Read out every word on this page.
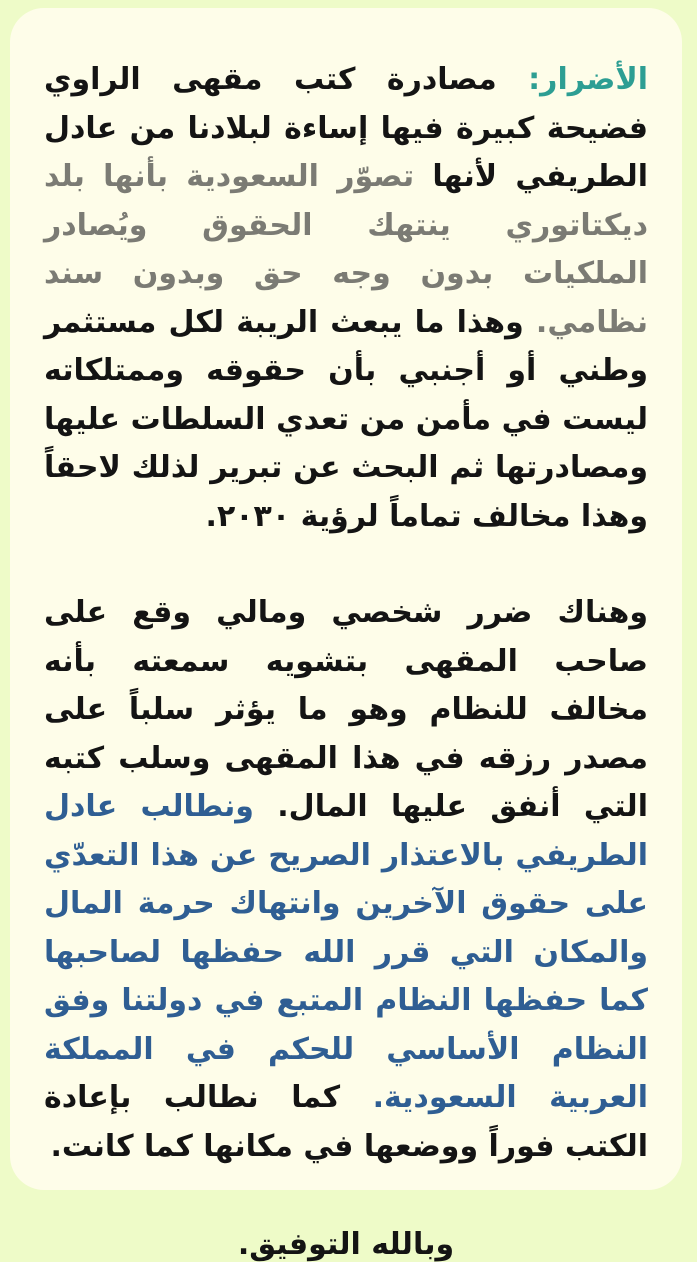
الأضرار: مصادرة كتب مقهى الراوي فضيحة كبيرة فيها إساءة لبلادنا من عادل الطريفي لأنها تصوّر السعودية بأنها بلد ديكتاتوري ينتهك الحقوق ويُصادر الملكيات بدون وجه حق وبدون سند نظامي. وهذا ما يبعث الريبة لكل مستثمر وطني أو أجنبي بأن حقوقه وممتلكاته ليست في مأمن من تعدي السلطات عليها ومصادرتها ثم البحث عن تبرير لذلك لاحقاً وهذا مخالف تماماً لرؤية ٢٠٣٠.

وهناك ضرر شخصي ومالي وقع على صاحب المقهى بتشويه سمعته بأنه مخالف للنظام وهو ما يؤثر سلباً على مصدر رزقه في هذا المقهى وسلب كتبه التي أنفق عليها المال. ونطالب عادل الطريفي بالاعتذار الصريح عن هذا التعدّي على حقوق الآخرين وانتهاك حرمة المال والمكان التي قرر الله حفظها لصاحبها كما حفظها النظام المتبع في دولتنا وفق النظام الأساسي للحكم في المملكة العربية السعودية. كما نطالب بإعادة الكتب فوراً ووضعها في مكانها كما كانت.

وبالله التوفيق.
